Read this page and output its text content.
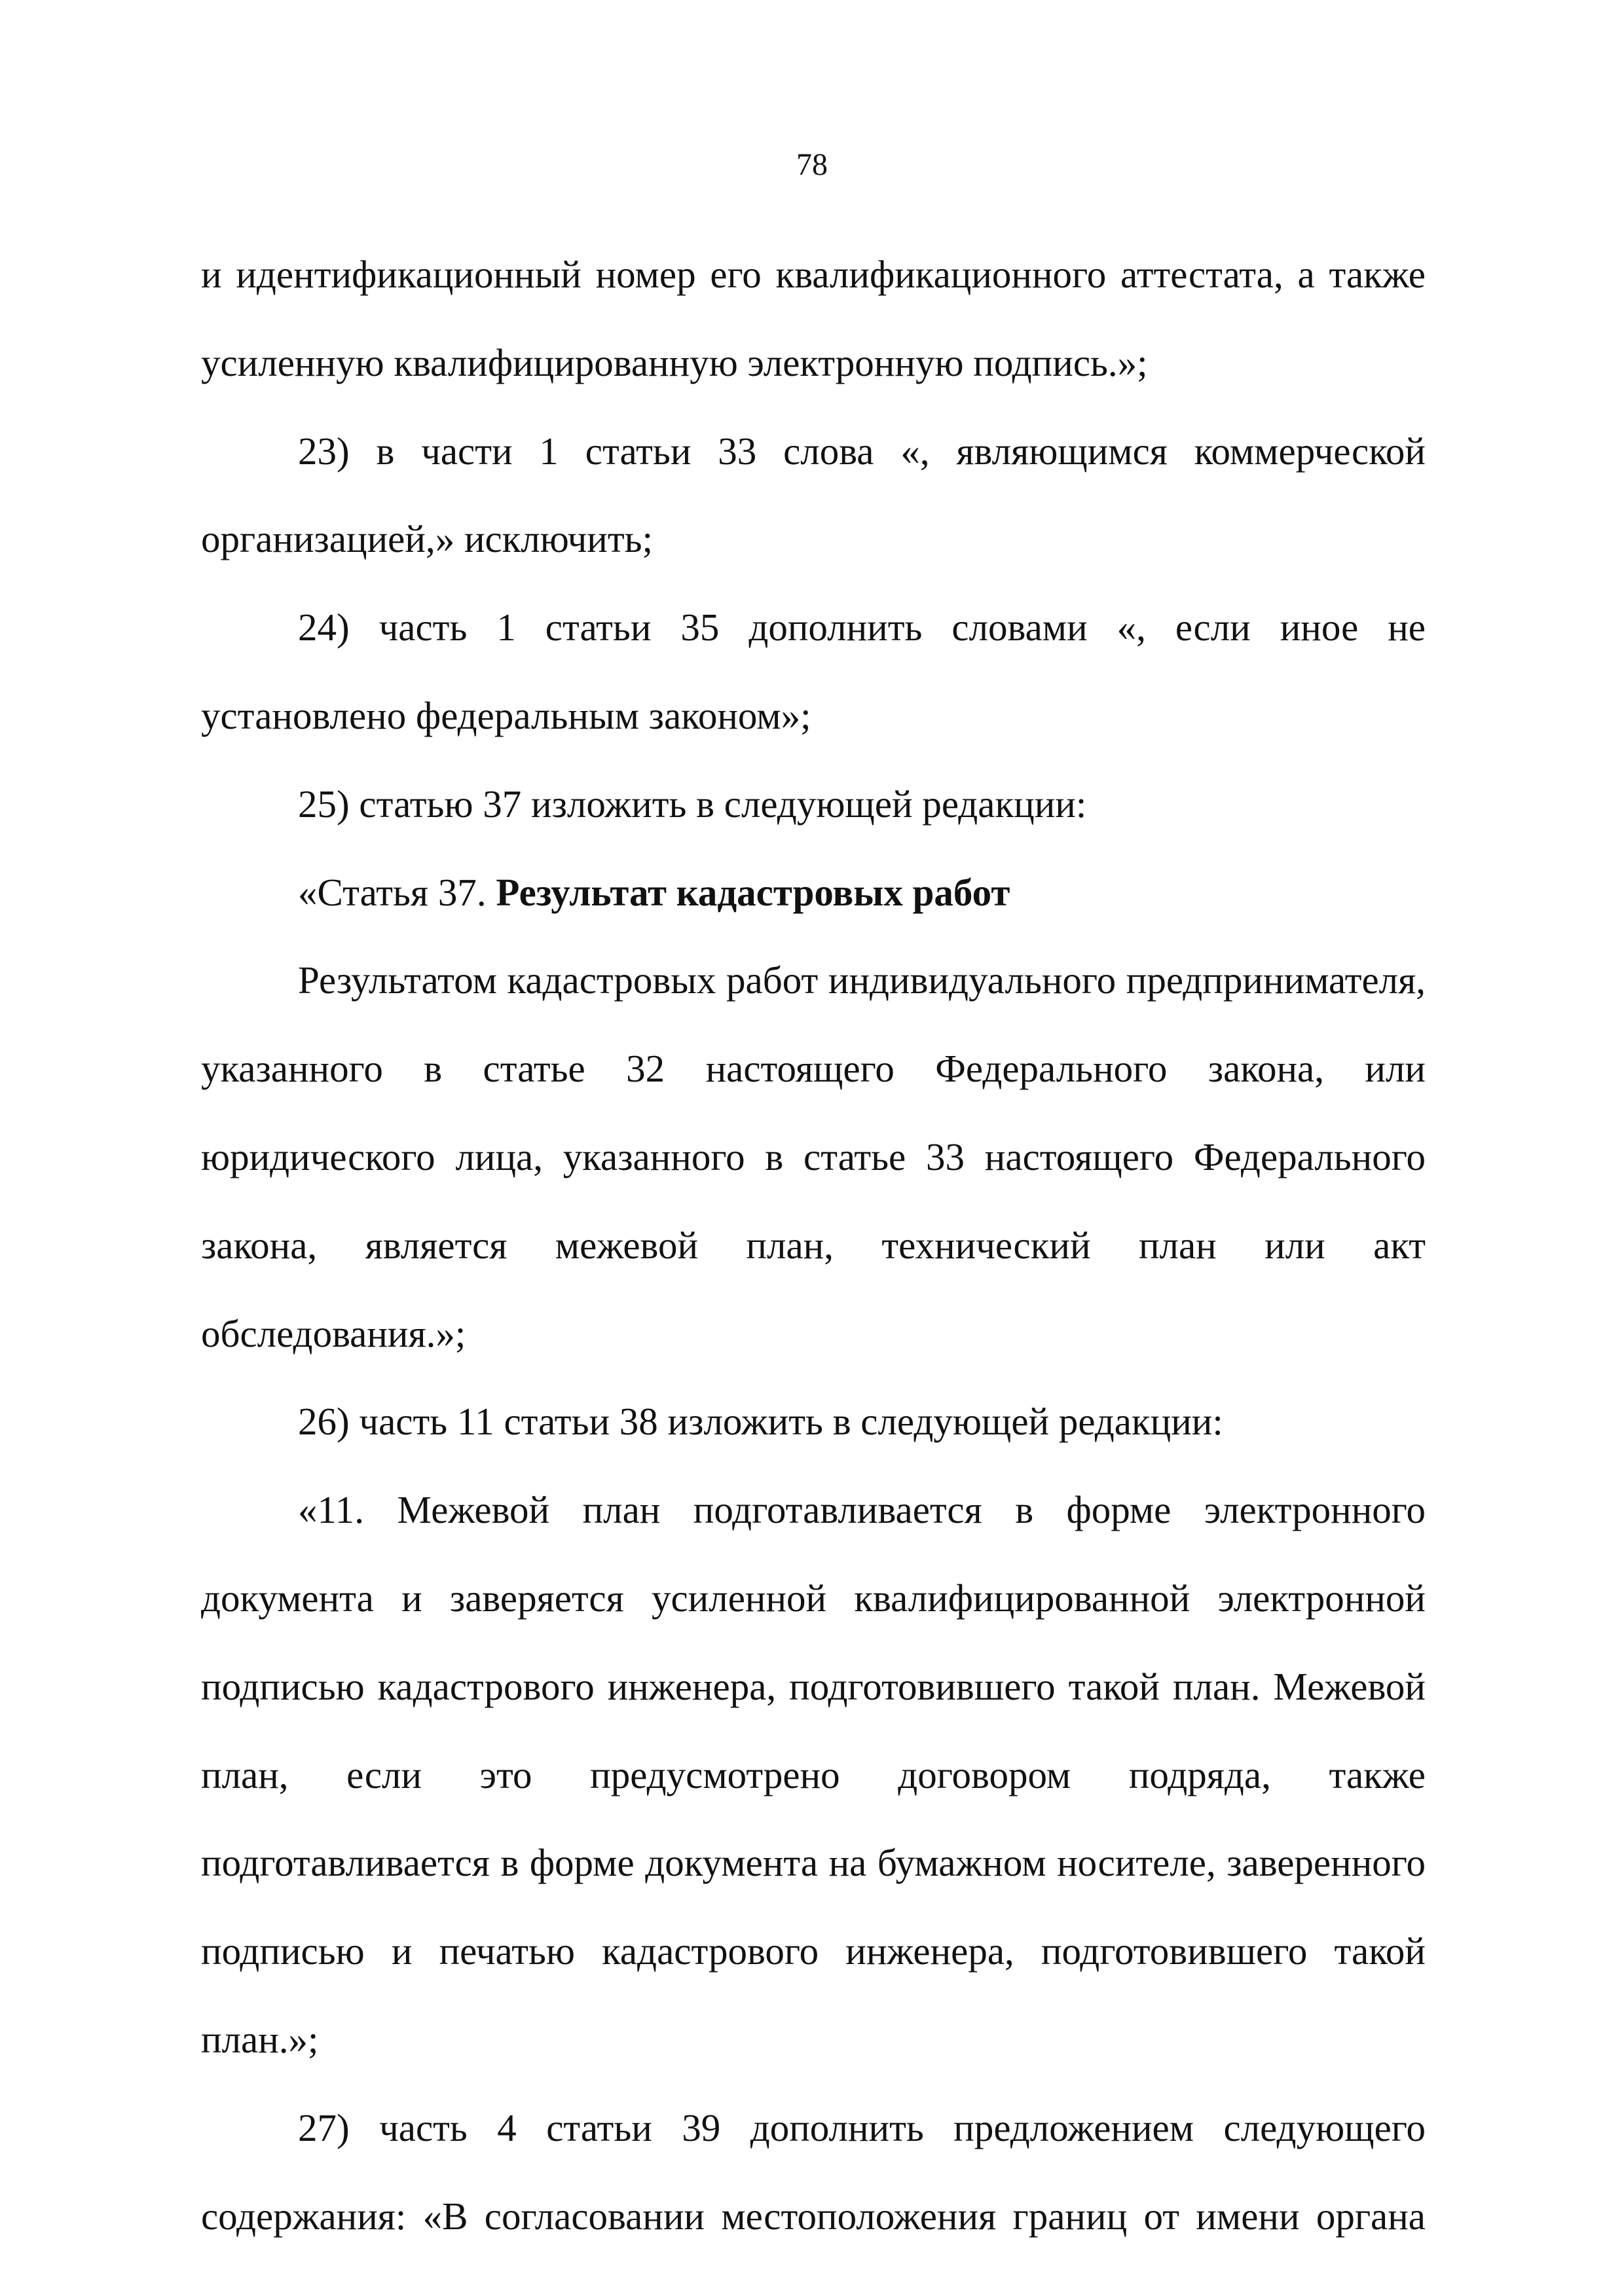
78

и идентификационный номер его квалификационного аттестата, а также усиленную квалифицированную электронную подпись.»;

23) в части 1 статьи 33 слова «, являющимся коммерческой организацией,» исключить;

24) часть 1 статьи 35 дополнить словами «, если иное не установлено федеральным законом»;

25) статью 37 изложить в следующей редакции:

«Статья 37. Результат кадастровых работ

Результатом кадастровых работ индивидуального предпринимателя, указанного в статье 32 настоящего Федерального закона, или юридического лица, указанного в статье 33 настоящего Федерального закона, является межевой план, технический план или акт обследования.»;

26) часть 11 статьи 38 изложить в следующей редакции:

«11. Межевой план подготавливается в форме электронного документа и заверяется усиленной квалифицированной электронной подписью кадастрового инженера, подготовившего такой план. Межевой план, если это предусмотрено договором подряда, также подготавливается в форме документа на бумажном носителе, заверенного подписью и печатью кадастрового инженера, подготовившего такой план.»;

27) часть 4 статьи 39 дополнить предложением следующего содержания: «В согласовании местоположения границ от имени органа
